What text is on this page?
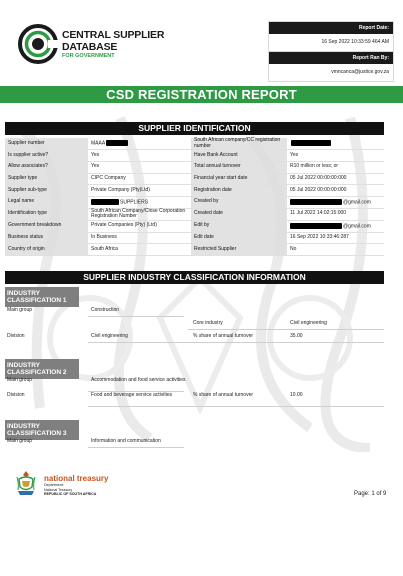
CENTRAL SUPPLIER
DATABASE
FOR GOVERNMENT
Report Date:
16 Sep 2022 10:33:59 464 AM
Report Ran By:
vmncanca@justice.gov.za
CSD REGISTRATION REPORT
SUPPLIER IDENTIFICATION
Supplier number	MAAA	South African company/CC registration number	
Is supplier active?	Yes	Have Bank Account	Yes
Allow associates?	Yes	Total annual turnover	R10 million or less; or
Supplier type	CIPC Company	Financial year start date	05 Jul 2022 00:00:00:000
Supplier sub-type	Private Company (Pty)Ltd)	Registration date	05 Jul 2022 00:00:00:000
Legal name	SUPPLIERS	Created by	@gmail.com
Identification type	South African Company/Close Corporation Registration Number	Created date	11 Jul 2022 14:02:15:000
Government breakdown	Private Companies (Pty) (Ltd)	Edit by	@gmail.com
Business status	In Business	Edit date	16 Sep 2022 10:33:46:287
Country of origin	South Africa	Restricted Supplier	No
SUPPLIER INDUSTRY CLASSIFICATION INFORMATION
INDUSTRY CLASSIFICATION 1
Main group	Construction
Core industry	Civil engineering
Division	Civil engineering	% share of annual turnover	35.00
INDUSTRY CLASSIFICATION 2
Main group	Accommodation and food service activities
Division	Food and beverage service activities	% share of annual turnover	10.00
INDUSTRY CLASSIFICATION 3
Main group	Information and communication
national treasury
Department:
National Treasury
REPUBLIC OF SOUTH AFRICA	Page: 1 of 9
